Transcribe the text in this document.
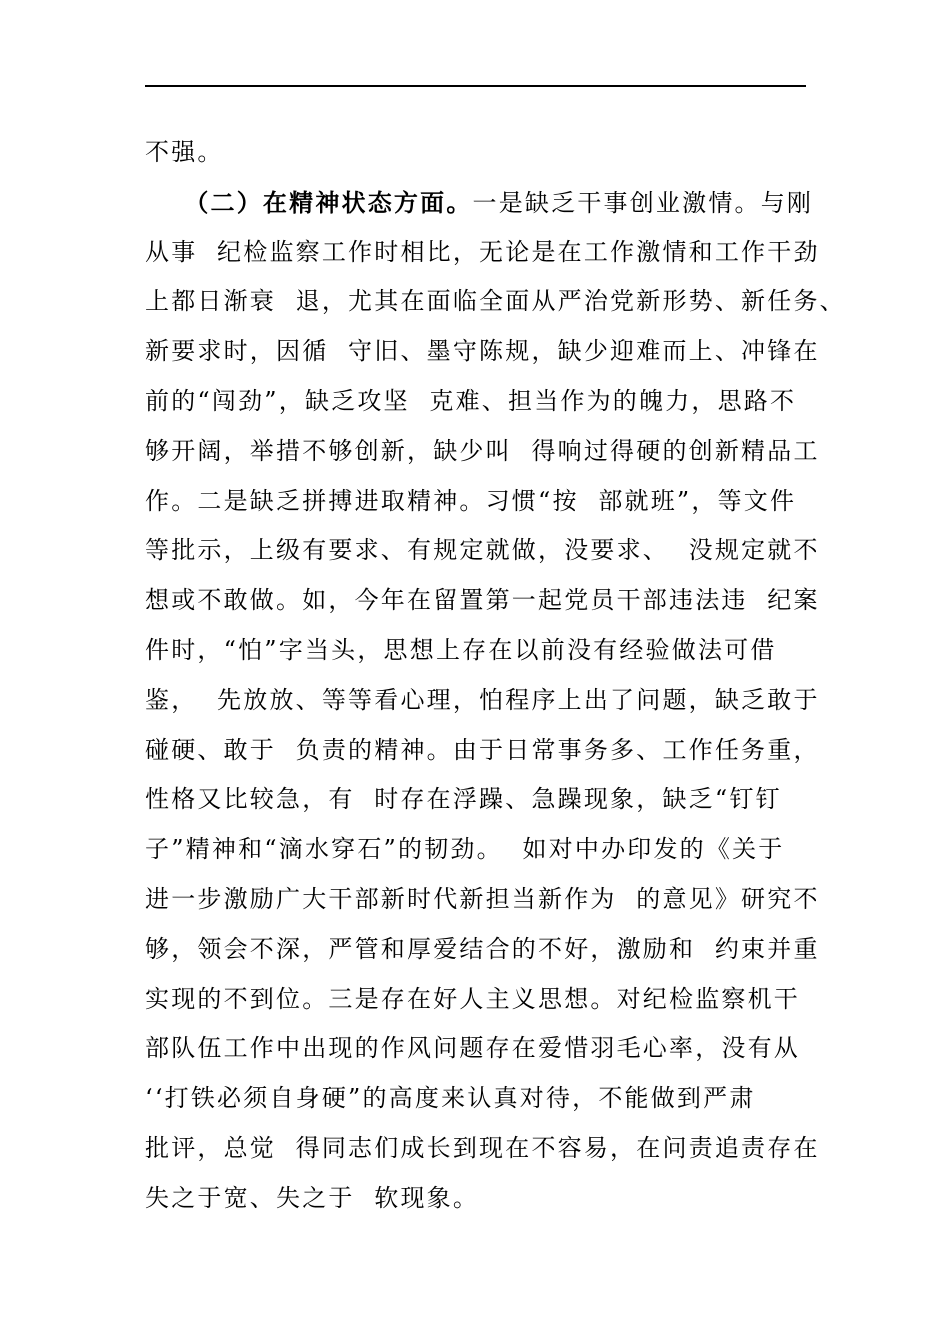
不强。
（二）在精神状态方面。一是缺乏干事创业激情。与刚
从事  纪检监察工作时相比，无论是在工作激情和工作干劲
上都日渐衰  退，尤其在面临全面从严治党新形势、新任务、
新要求时，因循  守旧、墨守陈规，缺少迎难而上、冲锋在
前的“闯劲”，缺乏攻坚  克难、担当作为的魄力，思路不
够开阔，举措不够创新，缺少叫  得响过得硬的创新精品工
作。二是缺乏拼搏进取精神。习惯“按  部就班”，等文件
等批示，上级有要求、有规定就做，没要求、  没规定就不
想或不敢做。如，今年在留置第一起党员干部违法违  纪案
件时，“怕”字当头，思想上存在以前没有经验做法可借
鉴，  先放放、等等看心理，怕程序上出了问题，缺乏敢于
碰硬、敢于  负责的精神。由于日常事务多、工作任务重，
性格又比较急，有  时存在浮躁、急躁现象，缺乏“钉钉
子”精神和“滴水穿石”的韧劲。  如对中办印发的《关于
进一步激励广大干部新时代新担当新作为  的意见》研究不
够，领会不深，严管和厚爱结合的不好，激励和  约束并重
实现的不到位。三是存在好人主义思想。对纪检监察机干
部队伍工作中出现的作风问题存在爱惜羽毛心率，没有从
‘‘打铁必须自身硬”的高度来认真对待，不能做到严肃
批评，总觉  得同志们成长到现在不容易，在问责追责存在
失之于宽、失之于  软现象。
